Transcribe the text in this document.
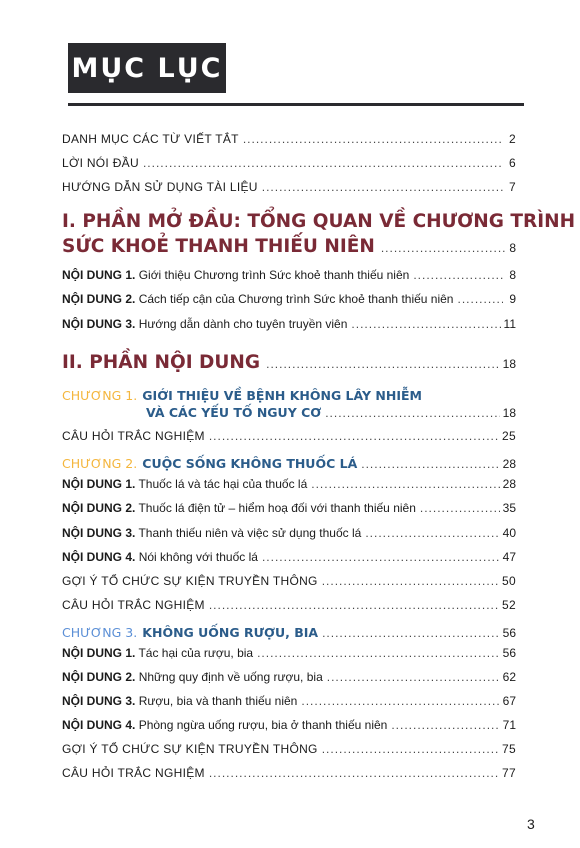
MỤC LỤC
DANH MỤC CÁC TỪ VIẾT TẮT .....	2
LỜI NÓI ĐẦU .....	6
HƯỚNG DẪN SỬ DỤNG TÀI LIỆU .....	7
I. PHẦN MỞ ĐẦU: TỔNG QUAN VỀ CHƯƠNG TRÌNH
SỨC KHOẺ THANH THIẾU NIÊN .....	8
NỘI DUNG 1. Giới thiệu Chương trình Sức khoẻ thanh thiếu niên .....	8
NỘI DUNG 2. Cách tiếp cận của Chương trình Sức khoẻ thanh thiếu niên .....	9
NỘI DUNG 3. Hướng dẫn dành cho tuyên truyền viên .....	11
II. PHẦN NỘI DUNG .....	18
CHƯƠNG 1. GIỚI THIỆU VỀ BỆNH KHÔNG LÂY NHIỄM
VÀ CÁC YẾU TỐ NGUY CƠ .....	18
CÂU HỎI TRẮC NGHIỆM .....	25
CHƯƠNG 2.
CUỘC SỐNG KHÔNG THUỐC LÁ .....	28
NỘI DUNG 1. Thuốc lá và tác hại của thuốc lá .....	28
NỘI DUNG 2. Thuốc lá điện tử – hiểm hoạ đối với thanh thiếu niên .....	35
NỘI DUNG 3. Thanh thiếu niên và việc sử dụng thuốc lá .....	40
NỘI DUNG 4. Nói không với thuốc lá .....	47
GỢI Ý TỔ CHỨC SỰ KIỆN TRUYỀN THÔNG .....	50
CÂU HỎI TRẮC NGHIỆM .....	52
CHƯƠNG 3.
KHÔNG UỐNG RƯỢU, BIA .....	56
NỘI DUNG 1. Tác hại của rượu, bia .....	56
NỘI DUNG 2. Những quy định về uống rượu, bia .....	62
NỘI DUNG 3. Rượu, bia và thanh thiếu niên .....	67
NỘI DUNG 4. Phòng ngừa uống rượu, bia ở thanh thiếu niên .....	71
GỢI Ý TỔ CHỨC SỰ KIỆN TRUYỀN THÔNG .....	75
CÂU HỎI TRẮC NGHIỆM .....	77
3
